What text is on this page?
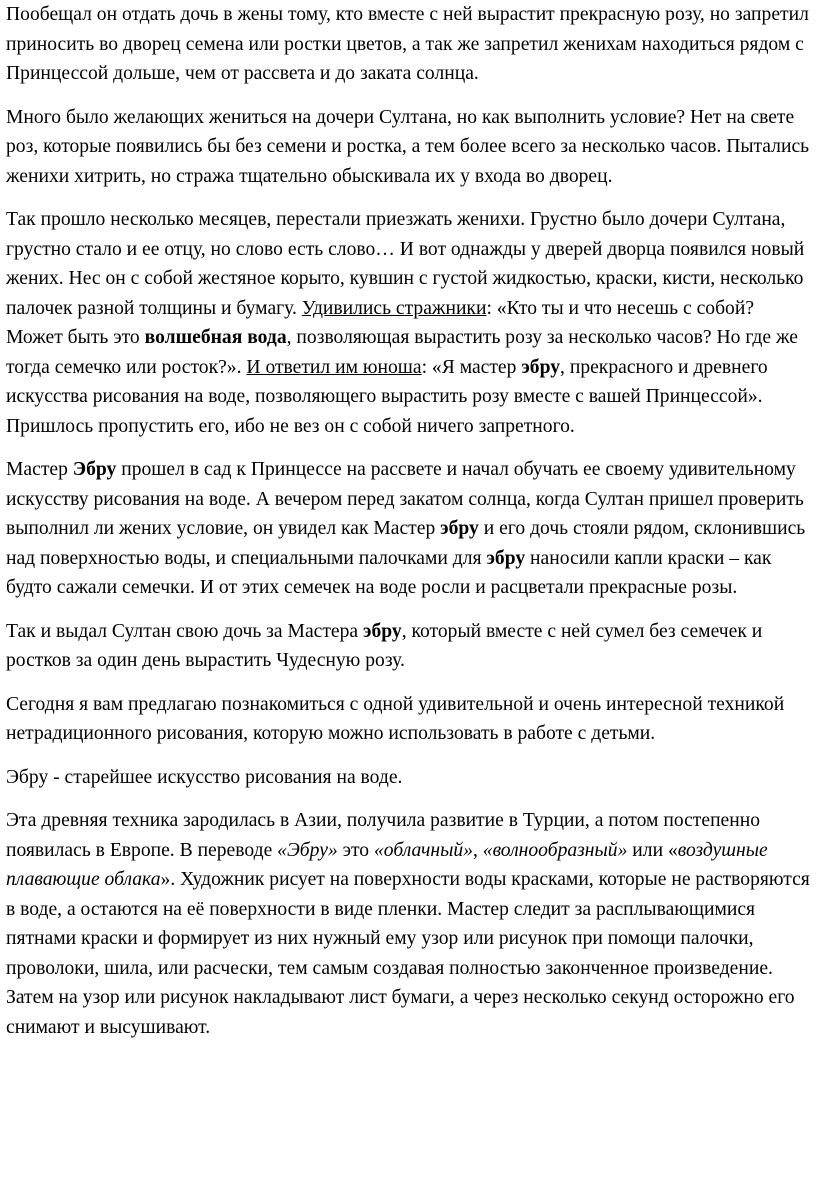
Пообещал он отдать дочь в жены тому, кто вместе с ней вырастит прекрасную розу, но запретил приносить во дворец семена или ростки цветов, а так же запретил женихам находиться рядом с Принцессой дольше, чем от рассвета и до заката солнца.

Много было желающих жениться на дочери Султана, но как выполнить условие? Нет на свете роз, которые появились бы без семени и ростка, а тем более всего за несколько часов. Пытались женихи хитрить, но стража тщательно обыскивала их у входа во дворец.

Так прошло несколько месяцев, перестали приезжать женихи. Грустно было дочери Султана, грустно стало и ее отцу, но слово есть слово… И вот однажды у дверей дворца появился новый жених. Нес он с собой жестяное корыто, кувшин с густой жидкостью, краски, кисти, несколько палочек разной толщины и бумагу. Удивились стражники: «Кто ты и что несешь с собой? Может быть это волшебная вода, позволяющая вырастить розу за несколько часов? Но где же тогда семечко или росток?». И ответил им юноша: «Я мастер эбру, прекрасного и древнего искусства рисования на воде, позволяющего вырастить розу вместе с вашей Принцессой». Пришлось пропустить его, ибо не вез он с собой ничего запретного.

Мастер Эбру прошел в сад к Принцессе на рассвете и начал обучать ее своему удивительному искусству рисования на воде. А вечером перед закатом солнца, когда Султан пришел проверить выполнил ли жених условие, он увидел как Мастер эбру и его дочь стояли рядом, склонившись над поверхностью воды, и специальными палочками для эбру наносили капли краски – как будто сажали семечки. И от этих семечек на воде росли и расцветали прекрасные розы.

Так и выдал Султан свою дочь за Мастера эбру, который вместе с ней сумел без семечек и ростков за один день вырастить Чудесную розу.

Сегодня я вам предлагаю познакомиться с одной удивительной и очень интересной техникой нетрадиционного рисования, которую можно использовать в работе с детьми.

Эбру - старейшее искусство рисования на воде.

Эта древняя техника зародилась в Азии, получила развитие в Турции, а потом постепенно появилась в Европе. В переводе «Эбру» это «облачный», «волнообразный» или «воздушные плавающие облака». Художник рисует на поверхности воды красками, которые не растворяются в воде, а остаются на её поверхности в виде пленки. Мастер следит за расплывающимися пятнами краски и формирует из них нужный ему узор или рисунок при помощи палочки, проволоки, шила, или расчески, тем самым создавая полностью законченное произведение. Затем на узор или рисунок накладывают лист бумаги, а через несколько секунд осторожно его снимают и высушивают.
